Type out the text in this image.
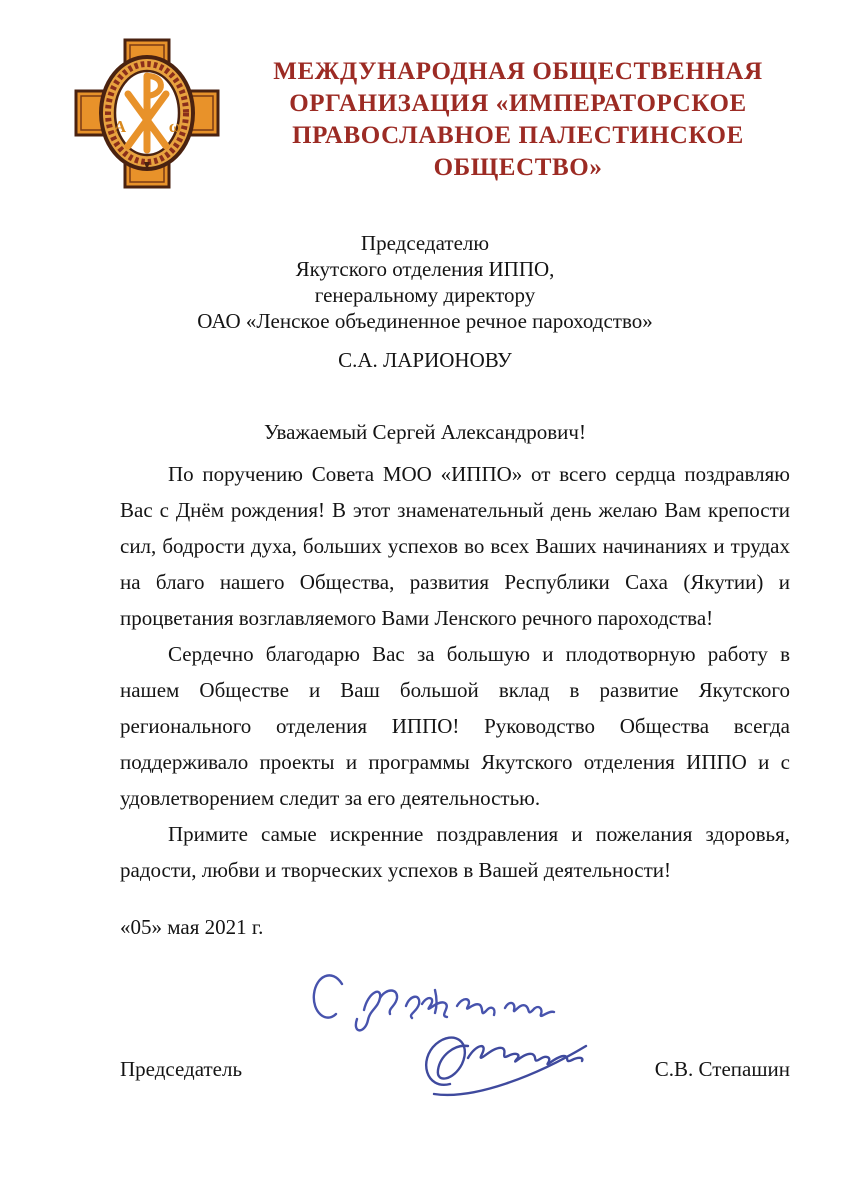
А	ω
МЕЖДУНАРОДНАЯ ОБЩЕСТВЕННАЯ
ОРГАНИЗАЦИЯ «ИМПЕРАТОРСКОЕ
ПРАВОСЛАВНОЕ ПАЛЕСТИНСКОЕ ОБЩЕСТВО»
Председателю
Якутского отделения ИППО,
генеральному директору
ОАО «Ленское объединенное речное пароходство»
С.А. ЛАРИОНОВУ
Уважаемый Сергей Александрович!

По поручению Совета МОО «ИППО» от всего сердца поздравляю Вас с Днём рождения! В этот знаменательный день желаю Вам крепости сил, бодрости духа, больших успехов во всех Ваших начинаниях и трудах на благо нашего Общества, развития Республики Саха (Якутии) и процветания возглавляемого Вами Ленского речного пароходства!

Сердечно благодарю Вас за большую и плодотворную работу в нашем Обществе и Ваш большой вклад в развитие Якутского регионального отделения ИППО! Руководство Общества всегда поддерживало проекты и программы Якутского отделения ИППО и с удовлетворением следит за его деятельностью.

Примите самые искренние поздравления и пожелания здоровья, радости, любви и творческих успехов в Вашей деятельности!

«05» мая 2021 г.
Председатель	С.В. Степашин
